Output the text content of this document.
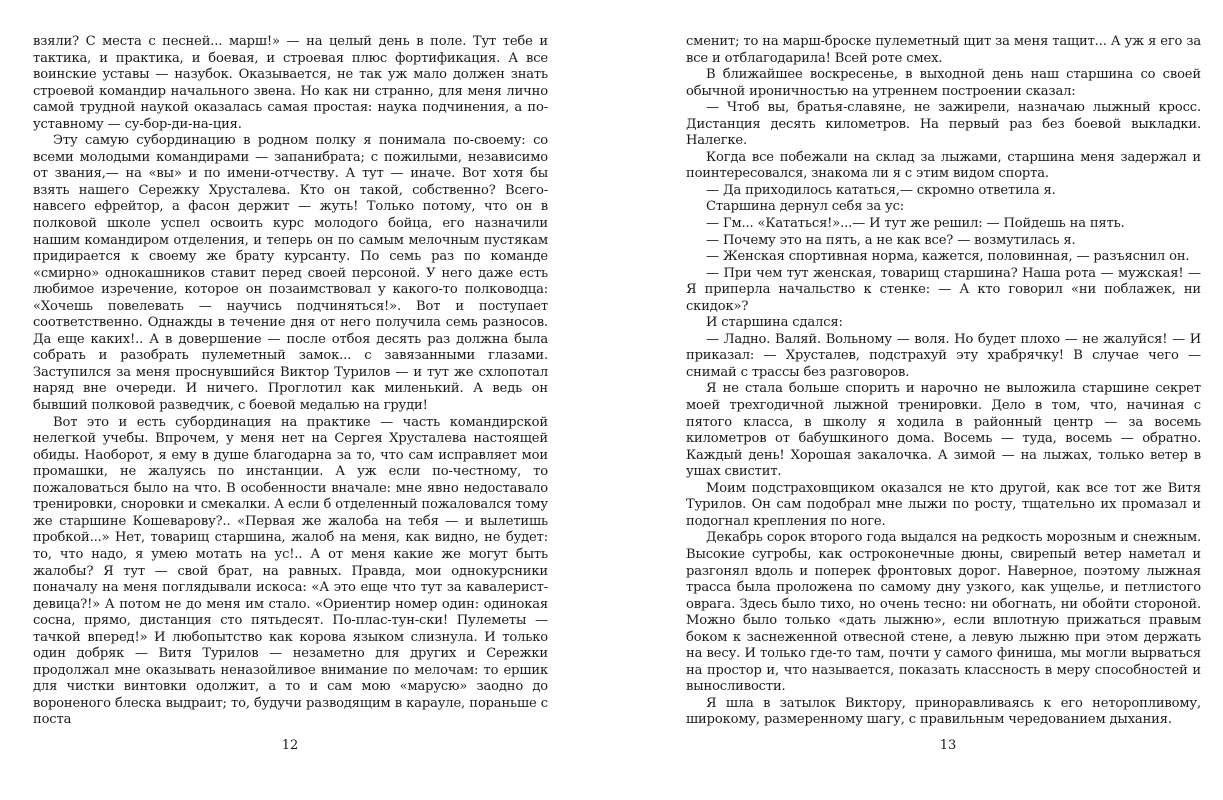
взяли? С места с песней... марш!» — на целый день в поле. Тут тебе и тактика, и практика, и боевая, и строевая плюс фортификация. А все воинские уставы — назубок. Оказывается, не так уж мало должен знать строевой командир начального звена. Но как ни странно, для меня лично самой трудной наукой оказалась самая простая: наука подчинения, а по-уставному — су-бор-ди-на-ция.

Эту самую субординацию в родном полку я понимала по-своему: со всеми молодыми командирами — запанибрата; с пожилыми, независимо от звания,— на «вы» и по имени-отчеству. А тут — иначе. Вот хотя бы взять нашего Сережку Хрусталева. Кто он такой, собственно? Всего-навсего ефрейтор, а фасон держит — жуть! Только потому, что он в полковой школе успел освоить курс молодого бойца, его назначили нашим командиром отделения, и теперь он по самым мелочным пустякам придирается к своему же брату курсанту. По семь раз по команде «смирно» однокашников ставит перед своей персоной. У него даже есть любимое изречение, которое он позаимствовал у какого-то полководца: «Хочешь повелевать — научись подчиняться!». Вот и поступает соответственно. Однажды в течение дня от него получила семь разносов. Да еще каких!.. А в довершение — после отбоя десять раз должна была собрать и разобрать пулеметный замок... с завязанными глазами. Заступился за меня проснувшийся Виктор Турилов — и тут же схлопотал наряд вне очереди. И ничего. Проглотил как миленький. А ведь он бывший полковой разведчик, с боевой медалью на груди!

Вот это и есть субординация на практике — часть командирской нелегкой учебы. Впрочем, у меня нет на Сергея Хрусталева настоящей обиды. Наоборот, я ему в душе благодарна за то, что сам исправляет мои промашки, не жалуясь по инстанции. А уж если по-честному, то пожаловаться было на что. В особенности вначале: мне явно недоставало тренировки, сноровки и смекалки. А если б отделенный пожаловался тому же старшине Кошеварову?.. «Первая же жалоба на тебя — и вылетишь пробкой...» Нет, товарищ старшина, жалоб на меня, как видно, не будет: то, что надо, я умею мотать на ус!.. А от меня какие же могут быть жалобы? Я тут — свой брат, на равных. Правда, мои однокурсники поначалу на меня поглядывали искоса: «А это еще что тут за кавалерист-девица?!» А потом не до меня им стало. «Ориентир номер один: одинокая сосна, прямо, дистанция сто пятьдесят. По-плас-тун-ски! Пулеметы — тачкой вперед!» И любопытство как корова языком слизнула. И только один добряк — Витя Турилов — незаметно для других и Сережки продолжал мне оказывать неназойливое внимание по мелочам: то ершик для чистки винтовки одолжит, а то и сам мою «марусю» заодно до вороненого блеска выдраит; то, будучи разводящим в карауле, пораньше с поста

12

сменит; то на марш-броске пулеметный щит за меня тащит... А уж я его за все и отблагодарила! Всей роте смех.

В ближайшее воскресенье, в выходной день наш старшина со своей обычной ироничностью на утреннем построении сказал:

— Чтоб вы, братья-славяне, не зажирели, назначаю лыжный кросс. Дистанция десять километров. На первый раз без боевой выкладки. Налегке.

Когда все побежали на склад за лыжами, старшина меня задержал и поинтересовался, знакома ли я с этим видом спорта.

— Да приходилось кататься,— скромно ответила я.

Старшина дернул себя за ус:

— Гм... «Кататься!»...— И тут же решил: — Пойдешь на пять.

— Почему это на пять, а не как все? — возмутилась я.

— Женская спортивная норма, кажется, половинная, — разъяснил он.

— При чем тут женская, товарищ старшина? Наша рота — мужская! — Я приперла начальство к стенке: — А кто говорил «ни поблажек, ни скидок»?

И старшина сдался:

— Ладно. Валяй. Вольному — воля. Но будет плохо — не жалуйся! — И приказал: — Хрусталев, подстрахуй эту храбрячку! В случае чего — снимай с трассы без разговоров.

Я не стала больше спорить и нарочно не выложила старшине секрет моей трехгодичной лыжной тренировки. Дело в том, что, начиная с пятого класса, в школу я ходила в районный центр — за восемь километров от бабушкиного дома. Восемь — туда, восемь — обратно. Каждый день! Хорошая закалочка. А зимой — на лыжах, только ветер в ушах свистит.

Моим подстраховщиком оказался не кто другой, как все тот же Витя Турилов. Он сам подобрал мне лыжи по росту, тщательно их промазал и подогнал крепления по ноге.

Декабрь сорок второго года выдался на редкость морозным и снежным. Высокие сугробы, как остроконечные дюны, свирепый ветер наметал и разгонял вдоль и поперек фронтовых дорог. Наверное, поэтому лыжная трасса была проложена по самому дну узкого, как ущелье, и петлистого оврага. Здесь было тихо, но очень тесно: ни обогнать, ни обойти стороной. Можно было только «дать лыжню», если вплотную прижаться правым боком к заснеженной отвесной стене, а левую лыжню при этом держать на весу. И только где-то там, почти у самого финиша, мы могли вырваться на простор и, что называется, показать классность в меру способностей и выносливости.

Я шла в затылок Виктору, приноравливаясь к его неторопливому, широкому, размеренному шагу, с правильным чередованием дыхания.

13
